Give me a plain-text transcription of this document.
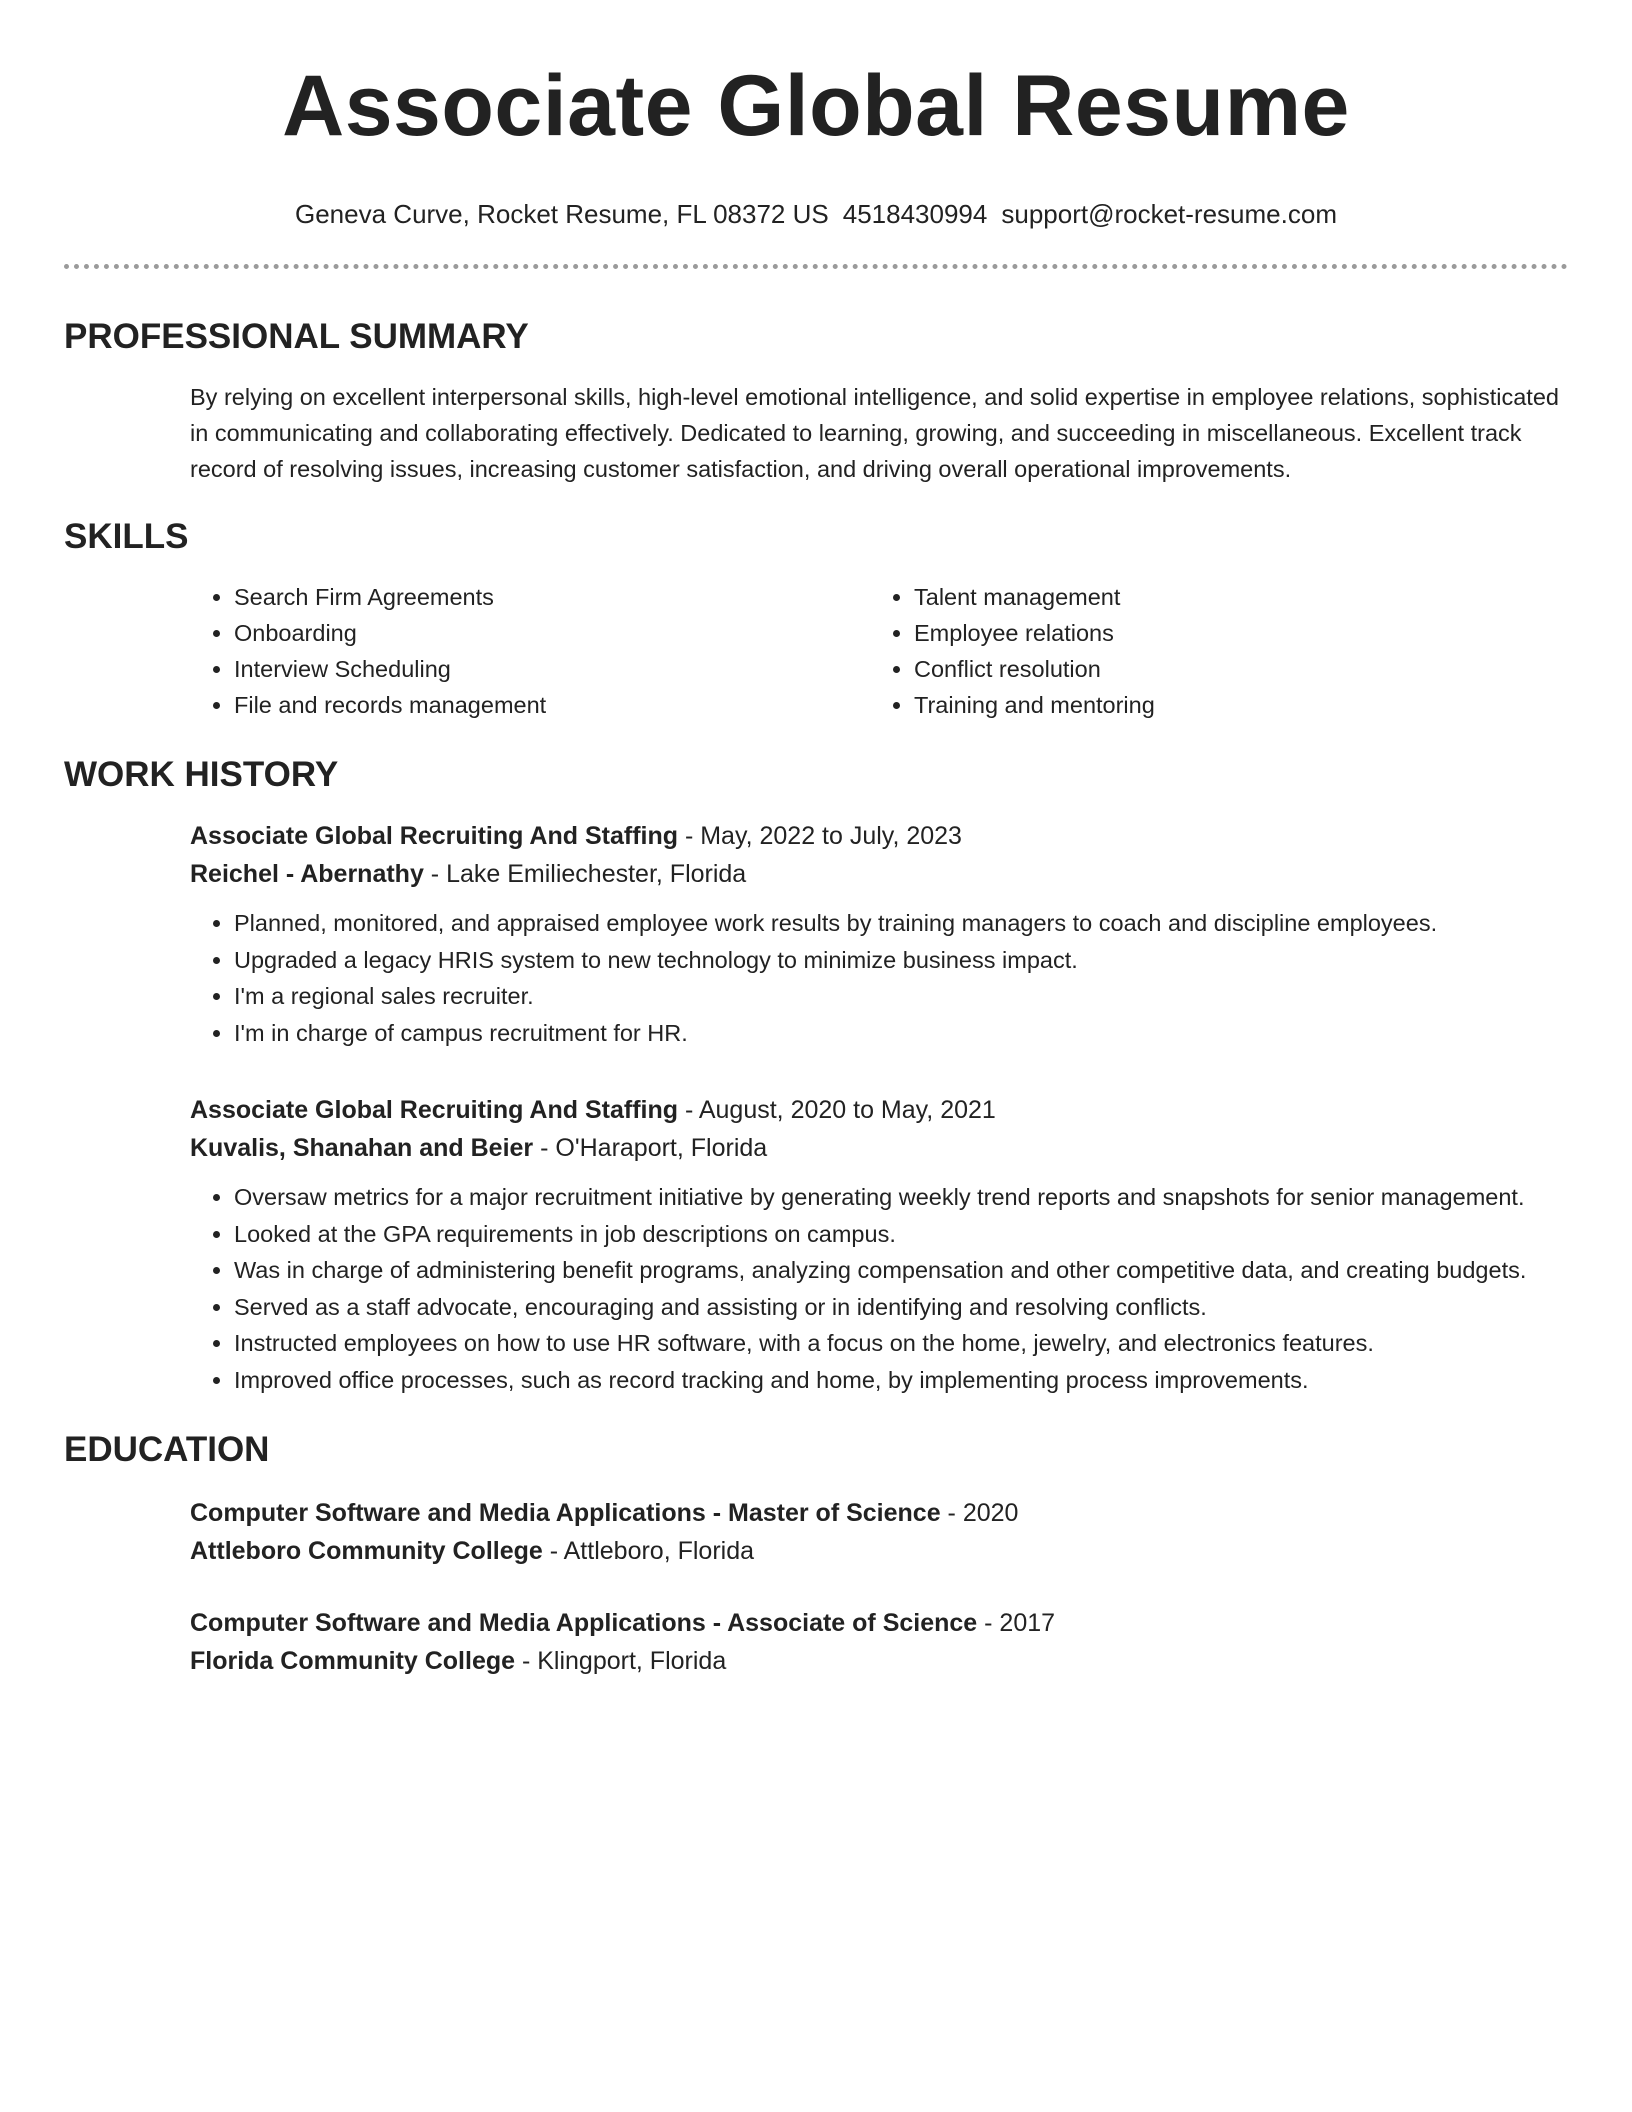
Associate Global Resume
Geneva Curve, Rocket Resume, FL 08372 US 4518430994 support@rocket-resume.com
PROFESSIONAL SUMMARY
By relying on excellent interpersonal skills, high-level emotional intelligence, and solid expertise in employee relations, sophisticated in communicating and collaborating effectively. Dedicated to learning, growing, and succeeding in miscellaneous. Excellent track record of resolving issues, increasing customer satisfaction, and driving overall operational improvements.
SKILLS
• Search Firm Agreements
• Onboarding
• Interview Scheduling
• File and records management
• Talent management
• Employee relations
• Conflict resolution
• Training and mentoring
WORK HISTORY

Associate Global Recruiting And Staffing - May, 2022 to July, 2023

Reichel - Abernathy - Lake Emiliechester, Florida

• Planned, monitored, and appraised employee work results by training managers to coach and discipline employees.
• Upgraded a legacy HRIS system to new technology to minimize business impact.
• I'm a regional sales recruiter.
• I'm in charge of campus recruitment for HR.

Associate Global Recruiting And Staffing - August, 2020 to May, 2021

Kuvalis, Shanahan and Beier - O'Haraport, Florida

• Oversaw metrics for a major recruitment initiative by generating weekly trend reports and snapshots for senior management.
• Looked at the GPA requirements in job descriptions on campus.
• Was in charge of administering benefit programs, analyzing compensation and other competitive data, and creating budgets.
• Served as a staff advocate, encouraging and assisting or in identifying and resolving conflicts.
• Instructed employees on how to use HR software, with a focus on the home, jewelry, and electronics features.
• Improved office processes, such as record tracking and home, by implementing process improvements.
EDUCATION

Computer Software and Media Applications - Master of Science - 2020

Attleboro Community College - Attleboro, Florida

Computer Software and Media Applications - Associate of Science - 2017

Florida Community College - Klingport, Florida
